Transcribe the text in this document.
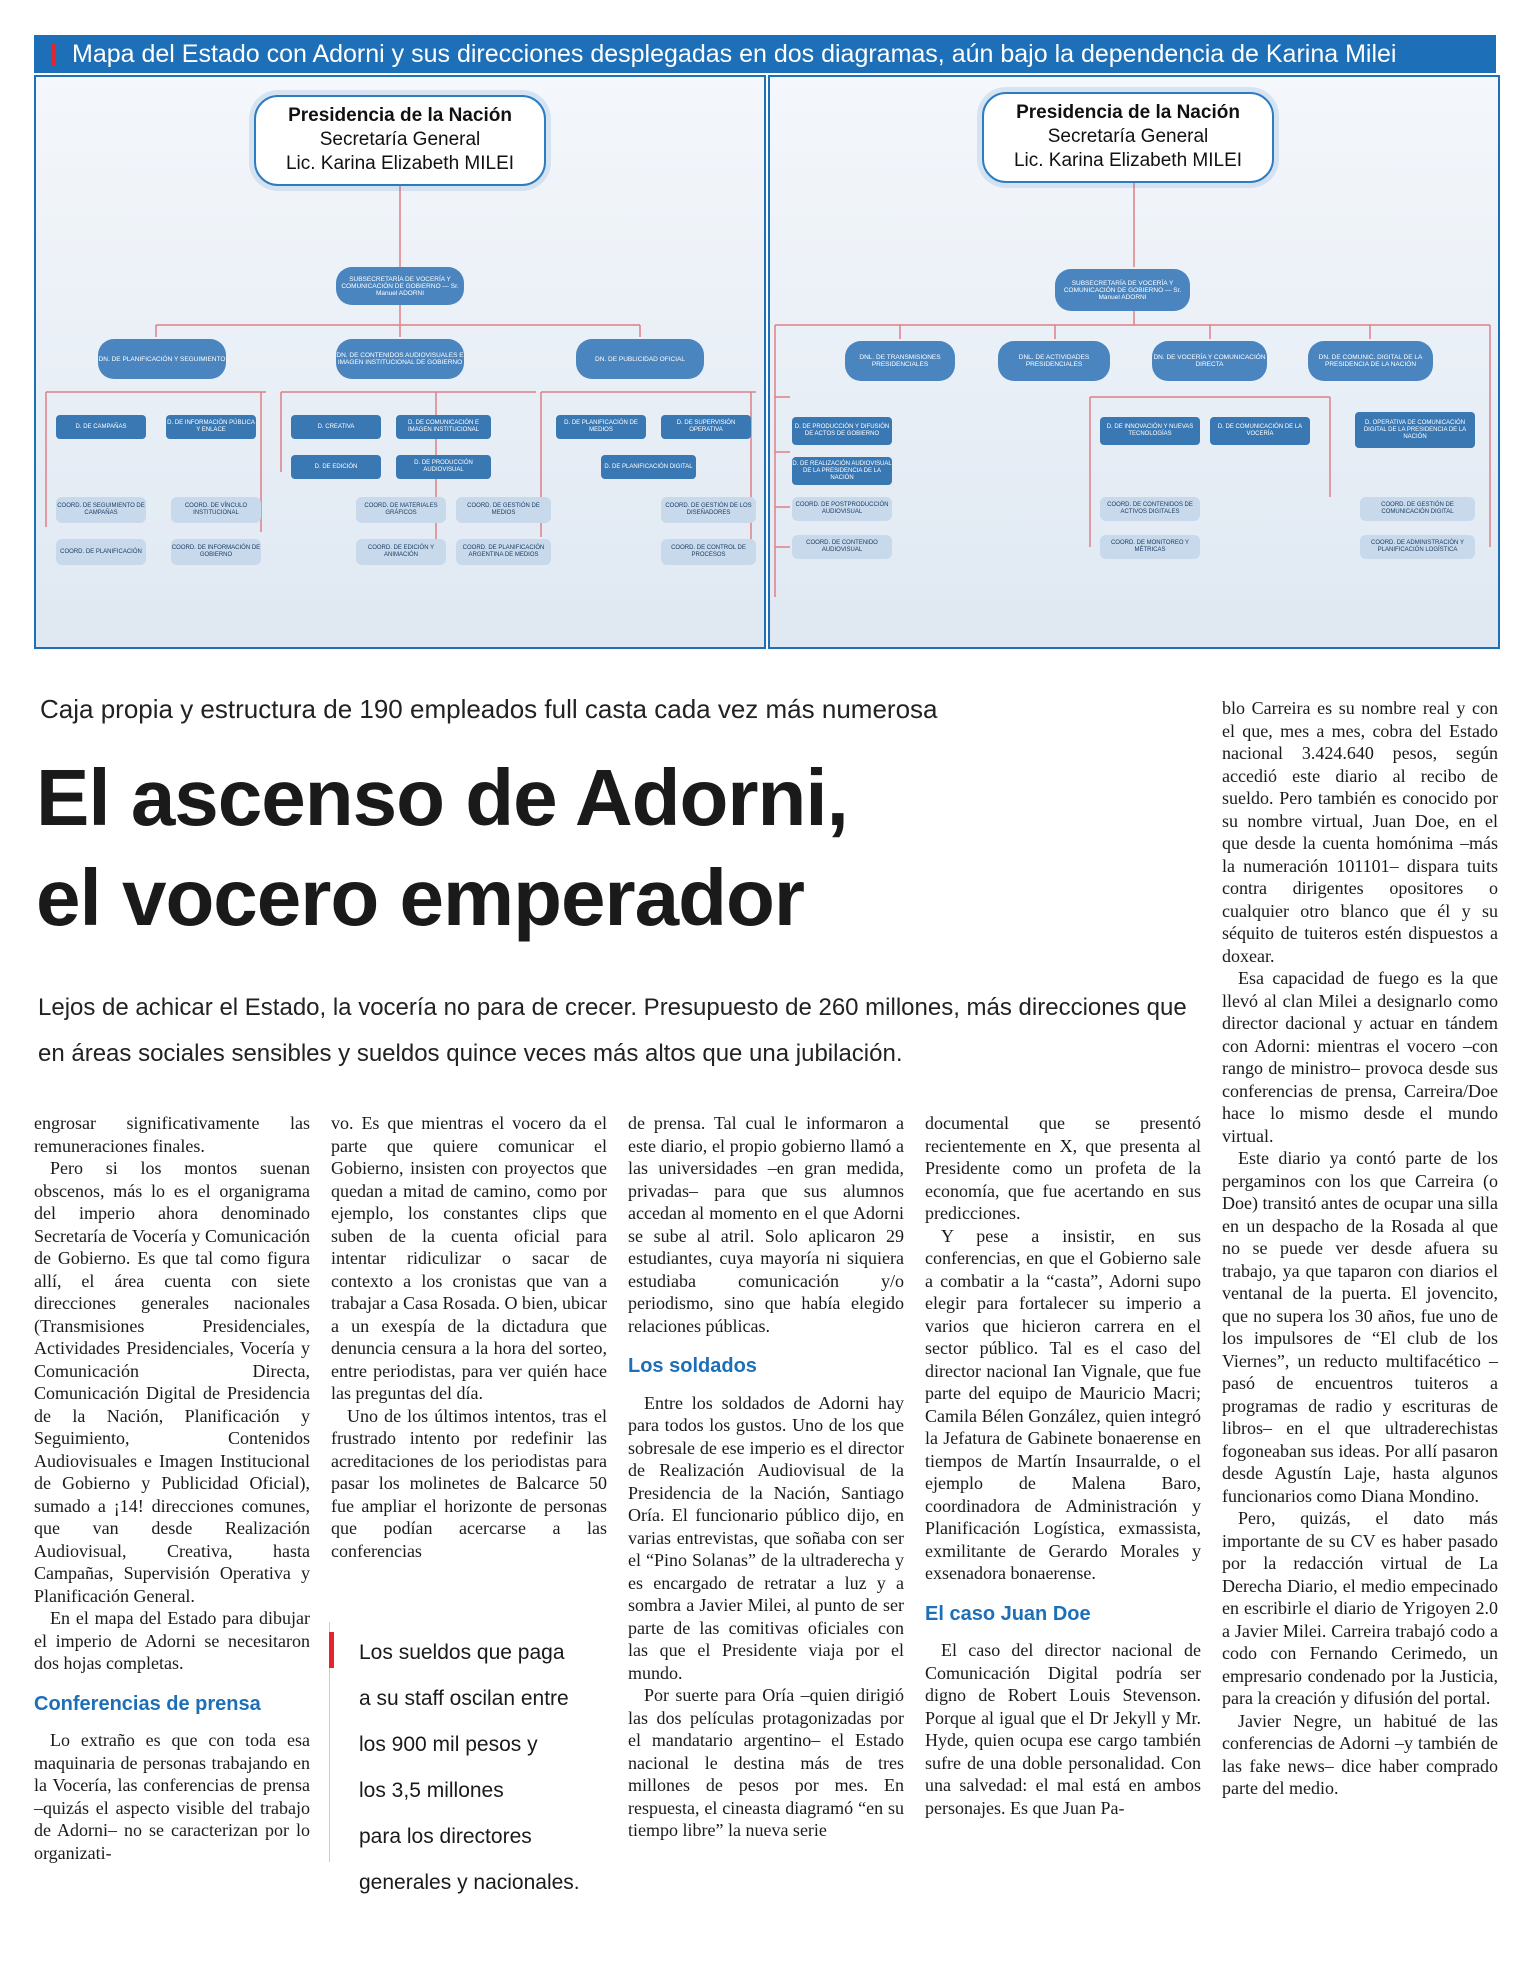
Mapa del Estado con Adorni y sus direcciones desplegadas en dos diagramas, aún bajo la dependencia de Karina Milei
Presidencia de la Nación
Secretaría General
Lic. Karina Elizabeth MILEI
SUBSECRETARÍA DE VOCERÍA Y COMUNICACIÓN DE GOBIERNO — Sr. Manuel ADORNI
DN. DE PLANIFICACIÓN Y SEGUIMIENTO	DN. DE CONTENIDOS AUDIOVISUALES E IMAGEN INSTITUCIONAL DE GOBIERNO	DN. DE PUBLICIDAD OFICIAL
D. DE CAMPAÑAS
D. DE INFORMACIÓN PÚBLICA Y ENLACE
D. CREATIVA
D. DE COMUNICACIÓN E IMAGEN INSTITUCIONAL
D. DE PLANIFICACIÓN DE MEDIOS
D. DE SUPERVISIÓN OPERATIVA
D. DE EDICIÓN
D. DE PRODUCCIÓN AUDIOVISUAL
D. DE PLANIFICACIÓN DIGITAL
COORD. DE SEGUIMIENTO DE CAMPAÑAS
COORD. DE VÍNCULO INSTITUCIONAL
COORD. DE MATERIALES GRÁFICOS
COORD. DE GESTIÓN DE MEDIOS
COORD. DE GESTIÓN DE LOS DISEÑADORES
COORD. DE PLANIFICACIÓN
COORD. DE INFORMACIÓN DE GOBIERNO
COORD. DE EDICIÓN Y ANIMACIÓN
COORD. DE PLANIFICACIÓN ARGENTINA DE MEDIOS
COORD. DE CONTROL DE PROCESOS
Presidencia de la Nación
Secretaría General
Lic. Karina Elizabeth MILEI
SUBSECRETARÍA DE VOCERÍA Y COMUNICACIÓN DE GOBIERNO — Sr. Manuel ADORNI
DNL. DE TRANSMISIONES PRESIDENCIALES
DNL. DE ACTIVIDADES PRESIDENCIALES
DN. DE VOCERÍA Y COMUNICACIÓN DIRECTA
DN. DE COMUNIC. DIGITAL DE LA PRESIDENCIA DE LA NACIÓN
D. DE PRODUCCIÓN Y DIFUSIÓN DE ACTOS DE GOBIERNO
D. DE REALIZACIÓN AUDIOVISUAL DE LA PRESIDENCIA DE LA NACIÓN
D. DE INNOVACIÓN Y NUEVAS TECNOLOGÍAS
D. DE COMUNICACIÓN DE LA VOCERÍA
D. OPERATIVA DE COMUNICACIÓN DIGITAL DE LA PRESIDENCIA DE LA NACIÓN
COORD. DE POSTPRODUCCIÓN AUDIOVISUAL
COORD. DE CONTENIDO AUDIOVISUAL
COORD. DE CONTENIDOS DE ACTIVOS DIGITALES
COORD. DE MONITOREO Y MÉTRICAS
COORD. DE GESTIÓN DE COMUNICACIÓN DIGITAL
COORD. DE ADMINISTRACIÓN Y PLANIFICACIÓN LOGÍSTICA
Caja propia y estructura de 190 empleados full casta cada vez más numerosa
El ascenso de Adorni,
el vocero emperador
Lejos de achicar el Estado, la vocería no para de crecer. Presupuesto de 260 millones, más direcciones que en áreas sociales sensibles y sueldos quince veces más altos que una jubilación.

engrosar significativamente las remuneraciones finales.

Pero si los montos suenan obscenos, más lo es el organigrama del imperio ahora denominado Secretaría de Vocería y Comunicación de Gobierno. Es que tal como figura allí, el área cuenta con siete direcciones generales nacionales (Transmisiones Presidenciales, Actividades Presidenciales, Vocería y Comunicación Directa, Comunicación Digital de Presidencia de la Nación, Planificación y Seguimiento, Contenidos Audiovisuales e Imagen Institucional de Gobierno y Publicidad Oficial), sumado a ¡14! direcciones comunes, que van desde Realización Audiovisual, Creativa, hasta Campañas, Supervisión Operativa y Planificación General.

En el mapa del Estado para dibujar el imperio de Adorni se necesitaron dos hojas completas.

Conferencias de prensa

Lo extraño es que con toda esa maquinaria de personas trabajando en la Vocería, las conferencias de prensa –quizás el aspecto visible del trabajo de Adorni– no se caracterizan por lo organizati-

vo. Es que mientras el vocero da el parte que quiere comunicar el Gobierno, insisten con proyectos que quedan a mitad de camino, como por ejemplo, los constantes clips que suben de la cuenta oficial para intentar ridiculizar o sacar de contexto a los cronistas que van a trabajar a Casa Rosada. O bien, ubicar a un exespía de la dictadura que denuncia censura a la hora del sorteo, entre periodistas, para ver quién hace las preguntas del día.

Uno de los últimos intentos, tras el frustrado intento por redefinir las acreditaciones de los periodistas para pasar los molinetes de Balcarce 50 fue ampliar el horizonte de personas que podían acercarse a las conferencias

Los sueldos que paga
a su staff oscilan entre
los 900 mil pesos y
los 3,5 millones
para los directores
generales y nacionales.

de prensa. Tal cual le informaron a este diario, el propio gobierno llamó a las universidades –en gran medida, privadas– para que sus alumnos accedan al momento en el que Adorni se sube al atril. Solo aplicaron 29 estudiantes, cuya mayoría ni siquiera estudiaba comunicación y/o periodismo, sino que había elegido relaciones públicas.

Los soldados

Entre los soldados de Adorni hay para todos los gustos. Uno de los que sobresale de ese imperio es el director de Realización Audiovisual de la Presidencia de la Nación, Santiago Oría. El funcionario público dijo, en varias entrevistas, que soñaba con ser el “Pino Solanas” de la ultraderecha y es encargado de retratar a luz y a sombra a Javier Milei, al punto de ser parte de las comitivas oficiales con las que el Presidente viaja por el mundo.

Por suerte para Oría –quien dirigió las dos películas protagonizadas por el mandatario argentino– el Estado nacional le destina más de tres millones de pesos por mes. En respuesta, el cineasta diagramó “en su tiempo libre” la nueva serie

documental que se presentó recientemente en X, que presenta al Presidente como un profeta de la economía, que fue acertando en sus predicciones.

Y pese a insistir, en sus conferencias, en que el Gobierno sale a combatir a la “casta”, Adorni supo elegir para fortalecer su imperio a varios que hicieron carrera en el sector público. Tal es el caso del director nacional Ian Vignale, que fue parte del equipo de Mauricio Macri; Camila Bélen González, quien integró la Jefatura de Gabinete bonaerense en tiempos de Martín Insaurralde, o el ejemplo de Malena Baro, coordinadora de Administración y Planificación Logística, exmassista, exmilitante de Gerardo Morales y exsenadora bonaerense.

El caso Juan Doe

El caso del director nacional de Comunicación Digital podría ser digno de Robert Louis Stevenson. Porque al igual que el Dr Jekyll y Mr. Hyde, quien ocupa ese cargo también sufre de una doble personalidad. Con una salvedad: el mal está en ambos personajes. Es que Juan Pa-

blo Carreira es su nombre real y con el que, mes a mes, cobra del Estado nacional 3.424.640 pesos, según accedió este diario al recibo de sueldo. Pero también es conocido por su nombre virtual, Juan Doe, en el que desde la cuenta homónima –más la numeración 101101– dispara tuits contra dirigentes opositores o cualquier otro blanco que él y su séquito de tuiteros estén dispuestos a doxear.

Esa capacidad de fuego es la que llevó al clan Milei a designarlo como director dacional y actuar en tándem con Adorni: mientras el vocero –con rango de ministro– provoca desde sus conferencias de prensa, Carreira/Doe hace lo mismo desde el mundo virtual.

Este diario ya contó parte de los pergaminos con los que Carreira (o Doe) transitó antes de ocupar una silla en un despacho de la Rosada al que no se puede ver desde afuera su trabajo, ya que taparon con diarios el ventanal de la puerta. El jovencito, que no supera los 30 años, fue uno de los impulsores de “El club de los Viernes”, un reducto multifacético –pasó de encuentros tuiteros a programas de radio y escrituras de libros– en el que ultraderechistas fogoneaban sus ideas. Por allí pasaron desde Agustín Laje, hasta algunos funcionarios como Diana Mondino.

Pero, quizás, el dato más importante de su CV es haber pasado por la redacción virtual de La Derecha Diario, el medio empecinado en escribirle el diario de Yrigoyen 2.0 a Javier Milei. Carreira trabajó codo a codo con Fernando Cerimedo, un empresario condenado por la Justicia, para la creación y difusión del portal.

Javier Negre, un habitué de las conferencias de Adorni –y también de las fake news– dice haber comprado parte del medio.
